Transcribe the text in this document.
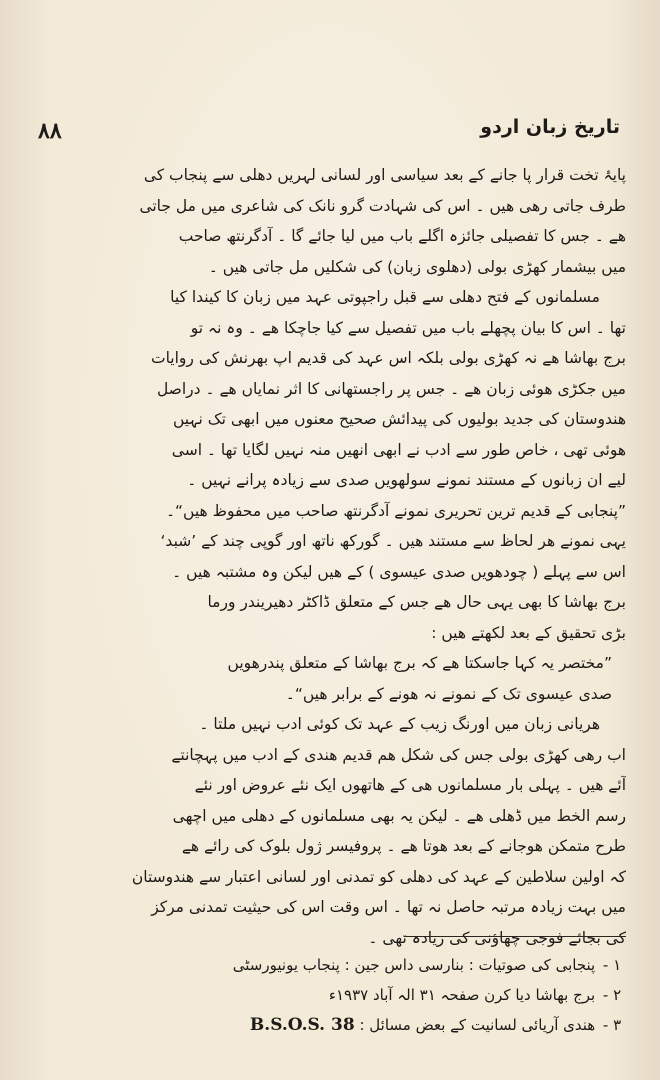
۸۸	تاریخ زبان اردو
پایۂ تخت قرار پا جانے کے بعد سیاسی اور لسانی لہریں دھلی سے پنجاب کی
طرف جاتی رھی ھیں ۔ اس کی شہادت گرو نانک کی شاعری میں مل جاتی
ھے ۔ جس کا تفصیلی جائزہ اگلے باب میں لیا جائے گا ۔ آدگرنتھ صاحب
میں بیشمار کھڑی بولی (دھلوی زبان) کی شکلیں مل جاتی ھیں ۔
مسلمانوں کے فتح دھلی سے قبل راجپوتی عہد میں زبان کا کیندا کیا
تھا ۔ اس کا بیان پچھلے باب میں تفصیل سے کیا جاچکا ھے ۔ وہ نہ تو
برج بھاشا ھے نہ کھڑی بولی بلکہ اس عہد کی قدیم اپ بھرنش کی روایات
میں جکڑی ھوئی زبان ھے ۔ جس پر راجستھانی کا اثر نمایاں ھے ۔ دراصل
ھندوستان کی جدید بولیوں کی پیدائش صحیح معنوں میں ابھی تک نہیں
ھوئی تھی ، خاص طور سے ادب نے ابھی انھیں منہ نہیں لگایا تھا ۔ اسی
لیے ان زبانوں کے مستند نمونے سولھویں صدی سے زیادہ پرانے نہیں ۔
”پنجابی کے قدیم ترین تحریری نمونے آدگرنتھ صاحب میں محفوظ ھیں“۔
یہی نمونے ھر لحاظ سے مستند ھیں ۔ گورکھ ناتھ اور گوپی چند کے ’شبد‘
اس سے پہلے ( چودھویں صدی عیسوی ) کے ھیں لیکن وہ مشتبہ ھیں ۔
برج بھاشا کا بھی یہی حال ھے جس کے متعلق ڈاکٹر دھیریندر ورما
بڑی تحقیق کے بعد لکھتے ھیں :
”مختصر یہ کہا جاسکتا ھے کہ برج بھاشا کے متعلق پندرھویں
صدی عیسوی تک کے نمونے نہ ھونے کے برابر ھیں“۔
ھریانی زبان میں اورنگ زیب کے عہد تک کوئی ادب نہیں ملتا ۔
اب رھی کھڑی بولی جس کی شکل ھم قدیم ھندی کے ادب میں پہچانتے
آئے ھیں ۔ پہلی بار مسلمانوں ھی کے ھاتھوں ایک نئے عروض اور نئے
رسم الخط میں ڈھلی ھے ۔ لیکن یہ بھی مسلمانوں کے دھلی میں اچھی
طرح متمکن ھوجانے کے بعد ھوتا ھے ۔ پروفیسر ژول بلوک کی رائے ھے
کہ اولین سلاطین کے عہد کی دھلی کو تمدنی اور لسانی اعتبار سے ھندوستان
میں بہت زیادہ مرتبہ حاصل نہ تھا ۔ اس وقت اس کی حیثیت تمدنی مرکز
کی بجائے فوجی چھاؤنی کی زیادہ تھی ۔
۱ - پنجابی کی صوتیات : بنارسی داس جین : پنجاب یونیورسٹی
۲ - برج بھاشا دیا کرن صفحہ ۳۱ الہ آباد ۱۹۳۷ء
۳ - ھندی آریائی لسانیت کے بعض مسائل : B.S.O.S. 38
